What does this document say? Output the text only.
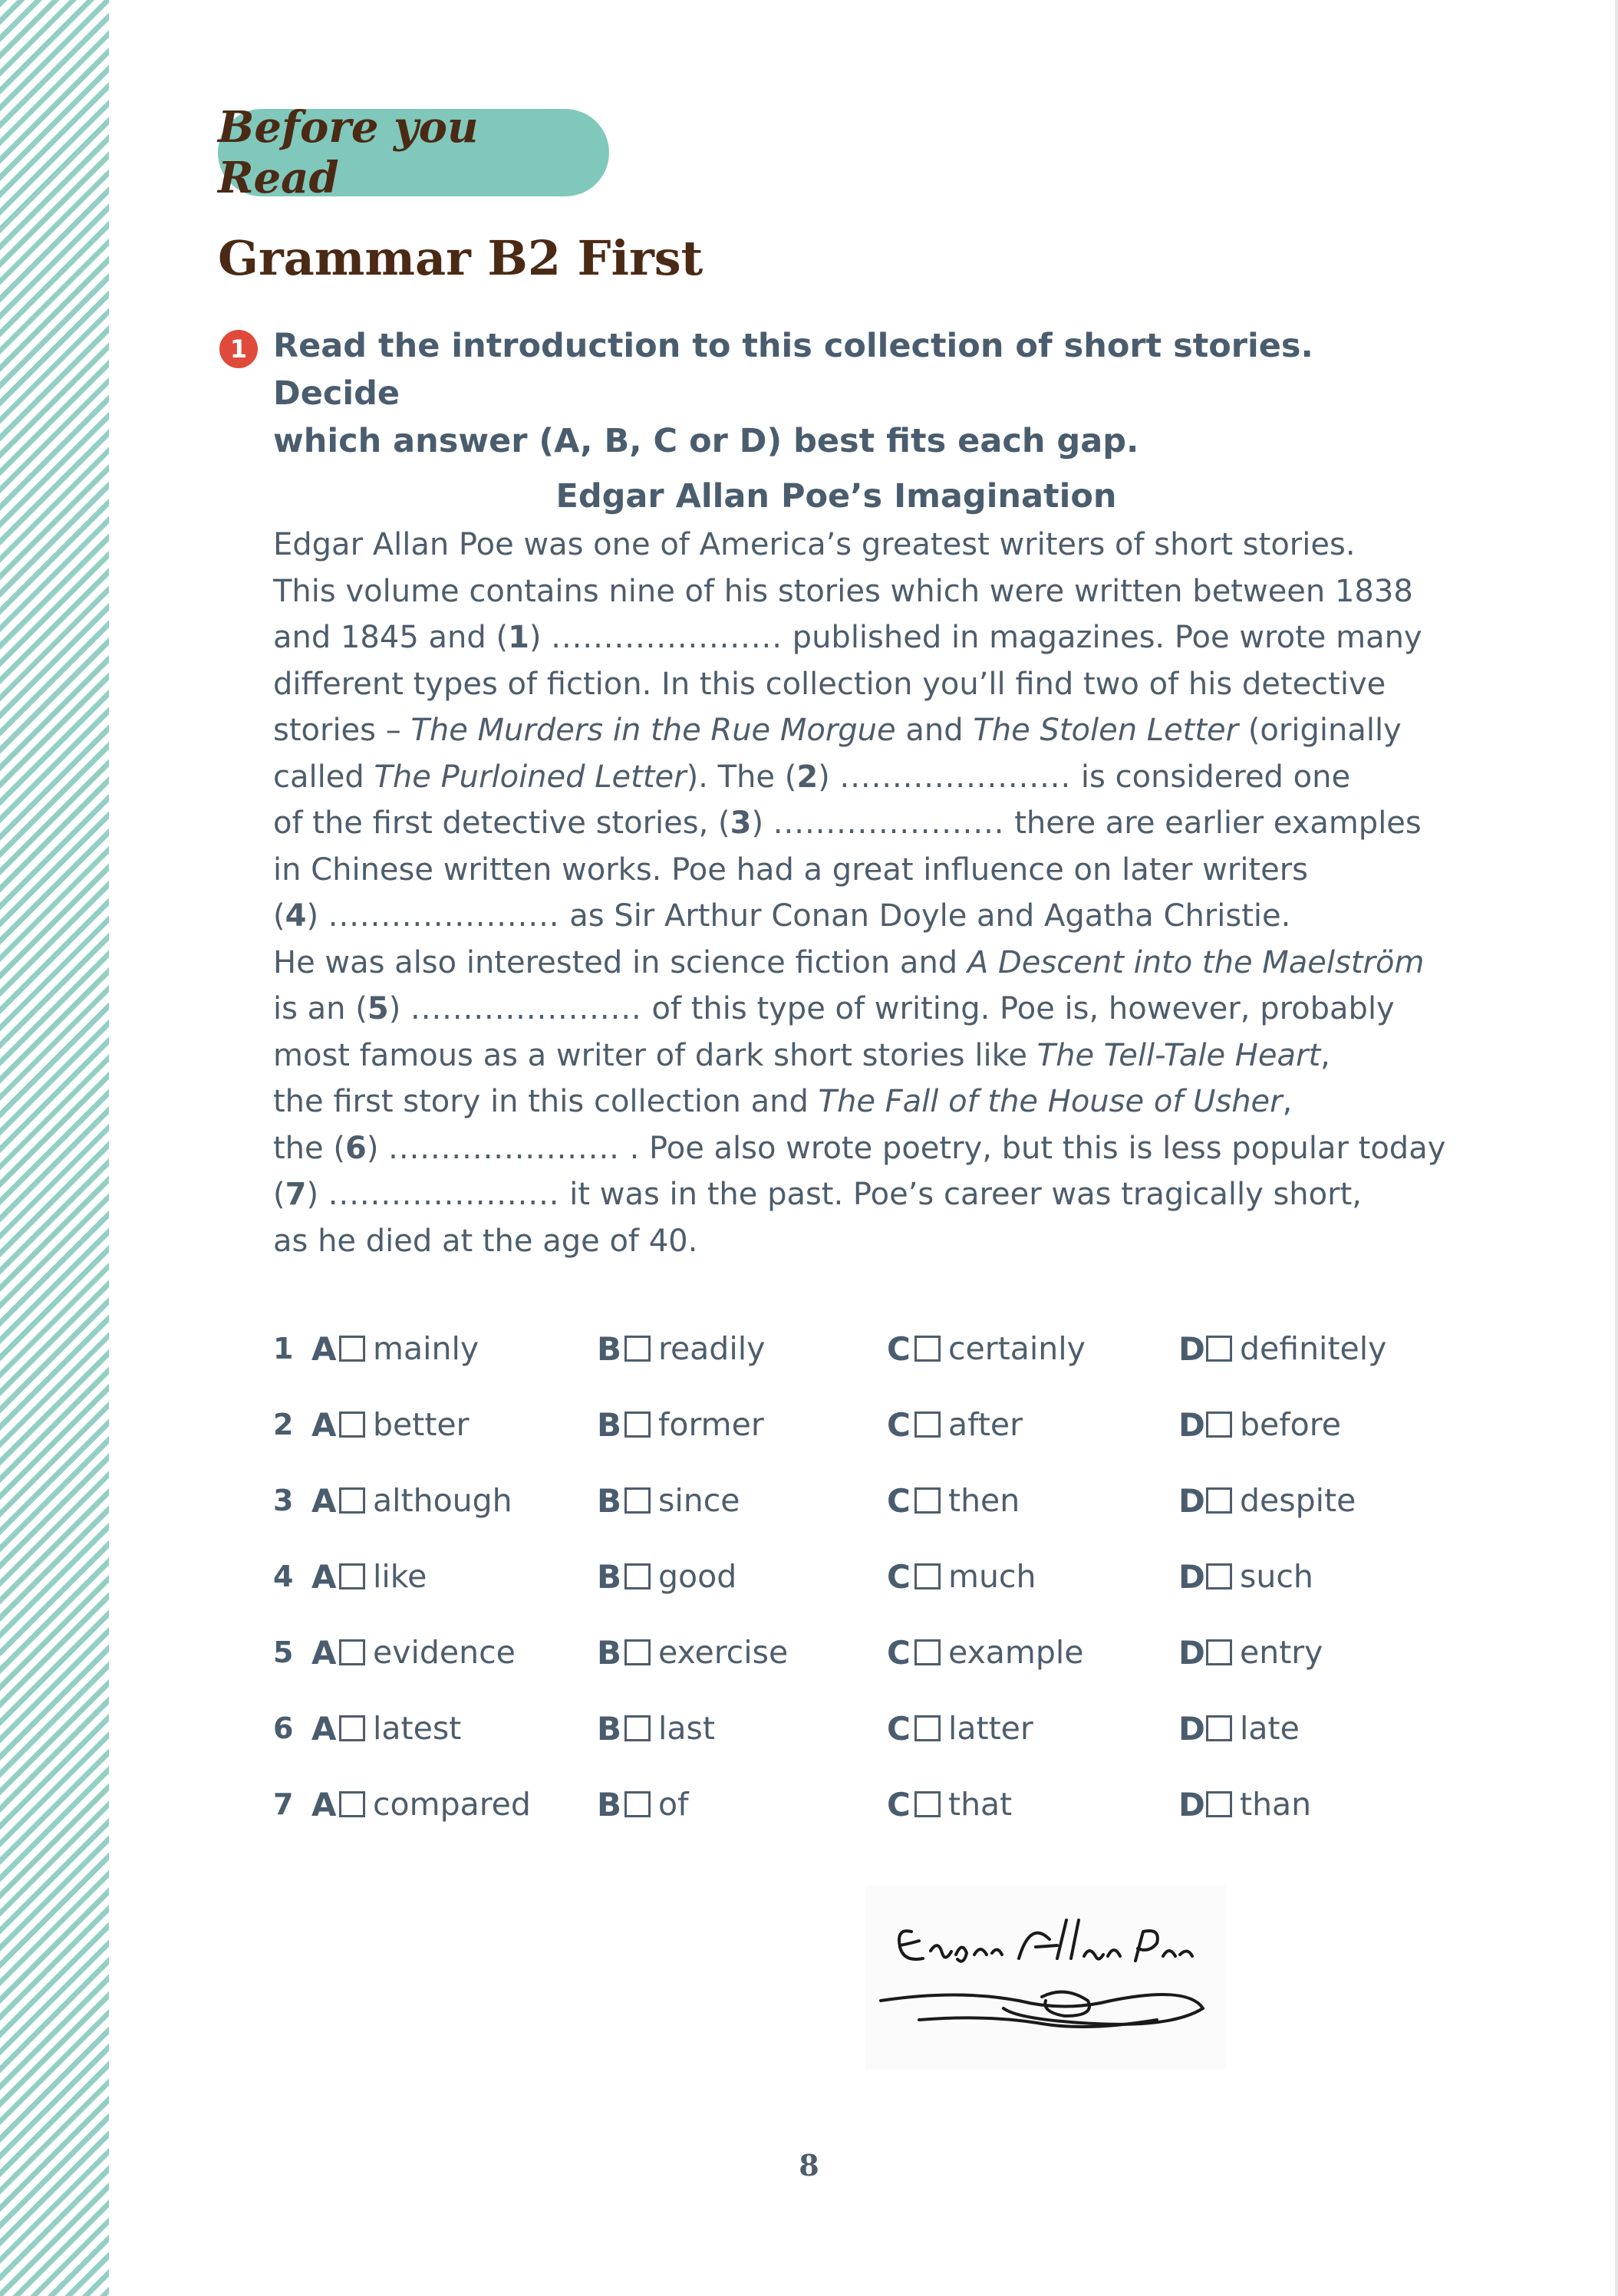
Before you Read
Grammar B2 First
1 Read the introduction to this collection of short stories. Decide
which answer (A, B, C or D) best fits each gap.
Edgar Allan Poe’s Imagination
Edgar Allan Poe was one of America’s greatest writers of short stories.
This volume contains nine of his stories which were written between 1838
and 1845 and (1) ...................... published in magazines. Poe wrote many
different types of fiction. In this collection you’ll find two of his detective
stories – The Murders in the Rue Morgue and The Stolen Letter (originally
called The Purloined Letter). The (2) ...................... is considered one
of the first detective stories, (3) ...................... there are earlier examples
in Chinese written works. Poe had a great influence on later writers
(4) ...................... as Sir Arthur Conan Doyle and Agatha Christie.
He was also interested in science fiction and A Descent into the Maelström
is an (5) ...................... of this type of writing. Poe is, however, probably
most famous as a writer of dark short stories like The Tell-Tale Heart,
the first story in this collection and The Fall of the House of Usher,
the (6) ...................... . Poe also wrote poetry, but this is less popular today
(7) ...................... it was in the past. Poe’s career was tragically short,
as he died at the age of 40.
1 A mainly	B readily	C certainly	D definitely
2 A better	B former	C after	D before
3 A although	B since	C then	D despite
4 A like	B good	C much	D such
5 A evidence	B exercise	C example	D entry
6 A latest	B last	C latter	D late
7 A compared B of	C that	D than
8
